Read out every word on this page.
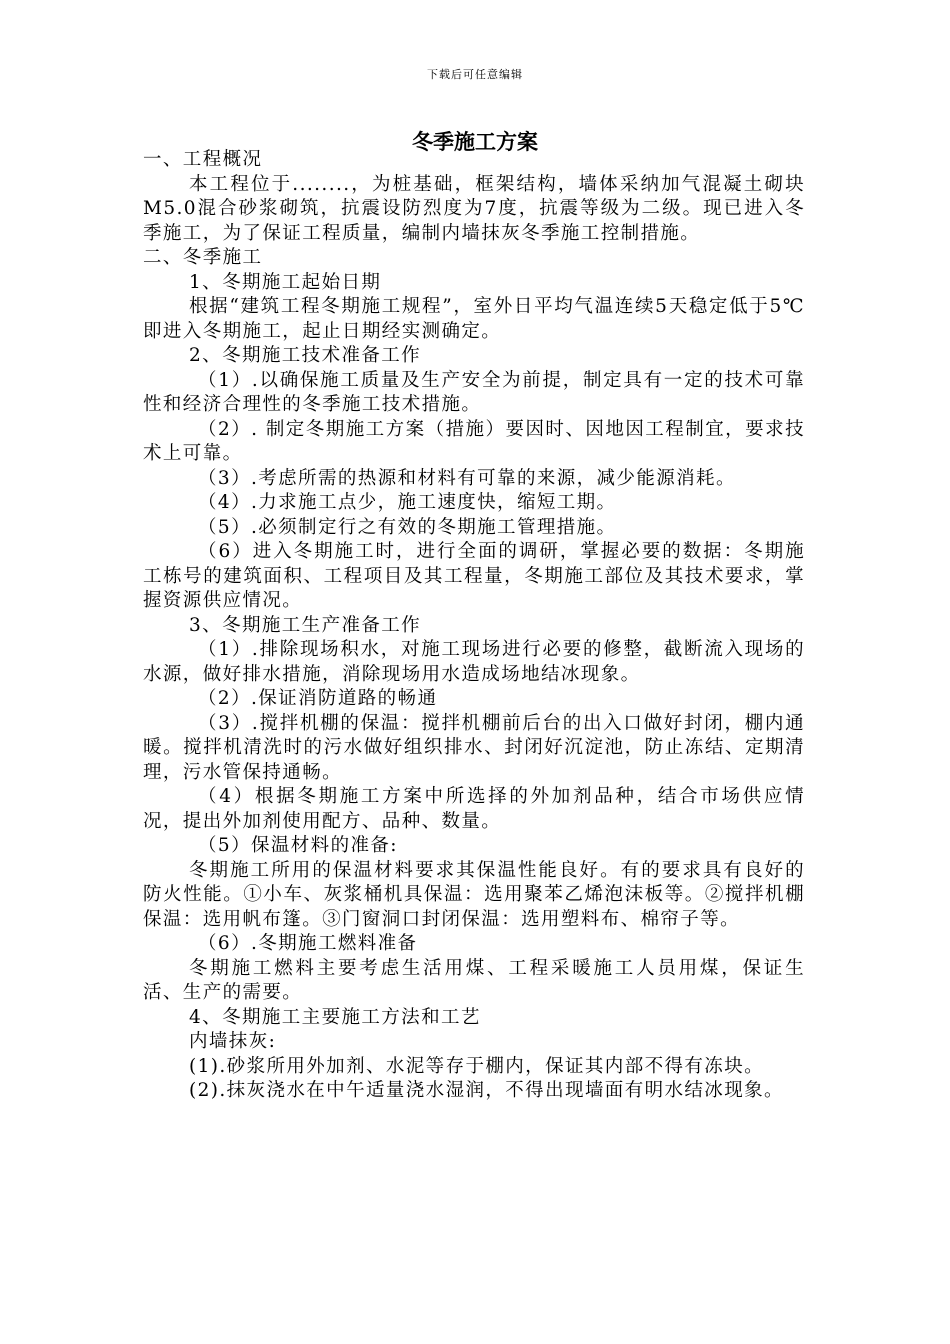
下载后可任意编辑
冬季施工方案

一、工程概况

本工程位于........，为桩基础，框架结构，墙体采纳加气混凝土砌块M5.0混合砂浆砌筑，抗震设防烈度为7度，抗震等级为二级。现已进入冬季施工，为了保证工程质量，编制内墙抹灰冬季施工控制措施。

二、冬季施工

1、冬期施工起始日期

根据“建筑工程冬期施工规程”，室外日平均气温连续5天稳定低于5℃即进入冬期施工，起止日期经实测确定。

2、冬期施工技术准备工作

（1）.以确保施工质量及生产安全为前提，制定具有一定的技术可靠性和经济合理性的冬季施工技术措施。

（2）. 制定冬期施工方案（措施）要因时、因地因工程制宜，要求技术上可靠。

（3）.考虑所需的热源和材料有可靠的来源，减少能源消耗。

（4）.力求施工点少，施工速度快，缩短工期。

（5）.必须制定行之有效的冬期施工管理措施。

（6）进入冬期施工时，进行全面的调研，掌握必要的数据：冬期施工栋号的建筑面积、工程项目及其工程量，冬期施工部位及其技术要求，掌握资源供应情况。

3、冬期施工生产准备工作

（1）.排除现场积水，对施工现场进行必要的修整，截断流入现场的水源，做好排水措施，消除现场用水造成场地结冰现象。

（2）.保证消防道路的畅通

（3）.搅拌机棚的保温：搅拌机棚前后台的出入口做好封闭，棚内通暖。搅拌机清洗时的污水做好组织排水、封闭好沉淀池，防止冻结、定期清理，污水管保持通畅。

（4）根据冬期施工方案中所选择的外加剂品种，结合市场供应情况，提出外加剂使用配方、品种、数量。

（5）保温材料的准备:

冬期施工所用的保温材料要求其保温性能良好。有的要求具有良好的防火性能。①小车、灰浆桶机具保温：选用聚苯乙烯泡沫板等。②搅拌机棚保温：选用帆布篷。③门窗洞口封闭保温：选用塑料布、棉帘子等。

（6）.冬期施工燃料准备

冬期施工燃料主要考虑生活用煤、工程采暖施工人员用煤，保证生活、生产的需要。

4、冬期施工主要施工方法和工艺

内墙抹灰:

(1).砂浆所用外加剂、水泥等存于棚内，保证其内部不得有冻块。

(2).抹灰浇水在中午适量浇水湿润，不得出现墙面有明水结冰现象。
